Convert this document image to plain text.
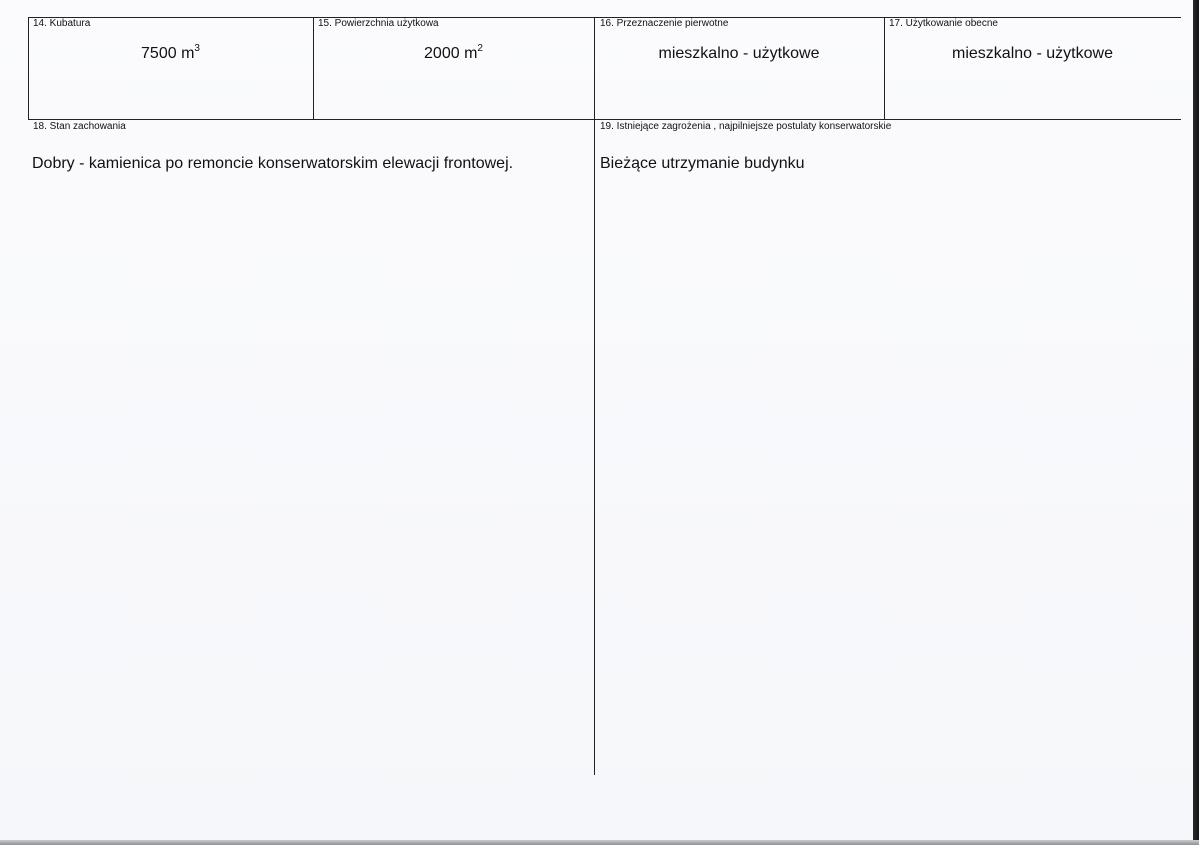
14. Kubatura
7500 $m^3$
15. Powierzchnia użytkowa
2000 $m^2$
16. Przeznaczenie pierwotne
mieszkalno - użytkowe
17. Użytkowanie obecne
mieszkalno - użytkowe
18. Stan zachowania
Dobry - kamienica po remoncie konserwatorskim elewacji frontowej.
19. Istniejące zagrożenia , najpilniejsze postulaty konserwatorskie
Bieżące utrzymanie budynku
